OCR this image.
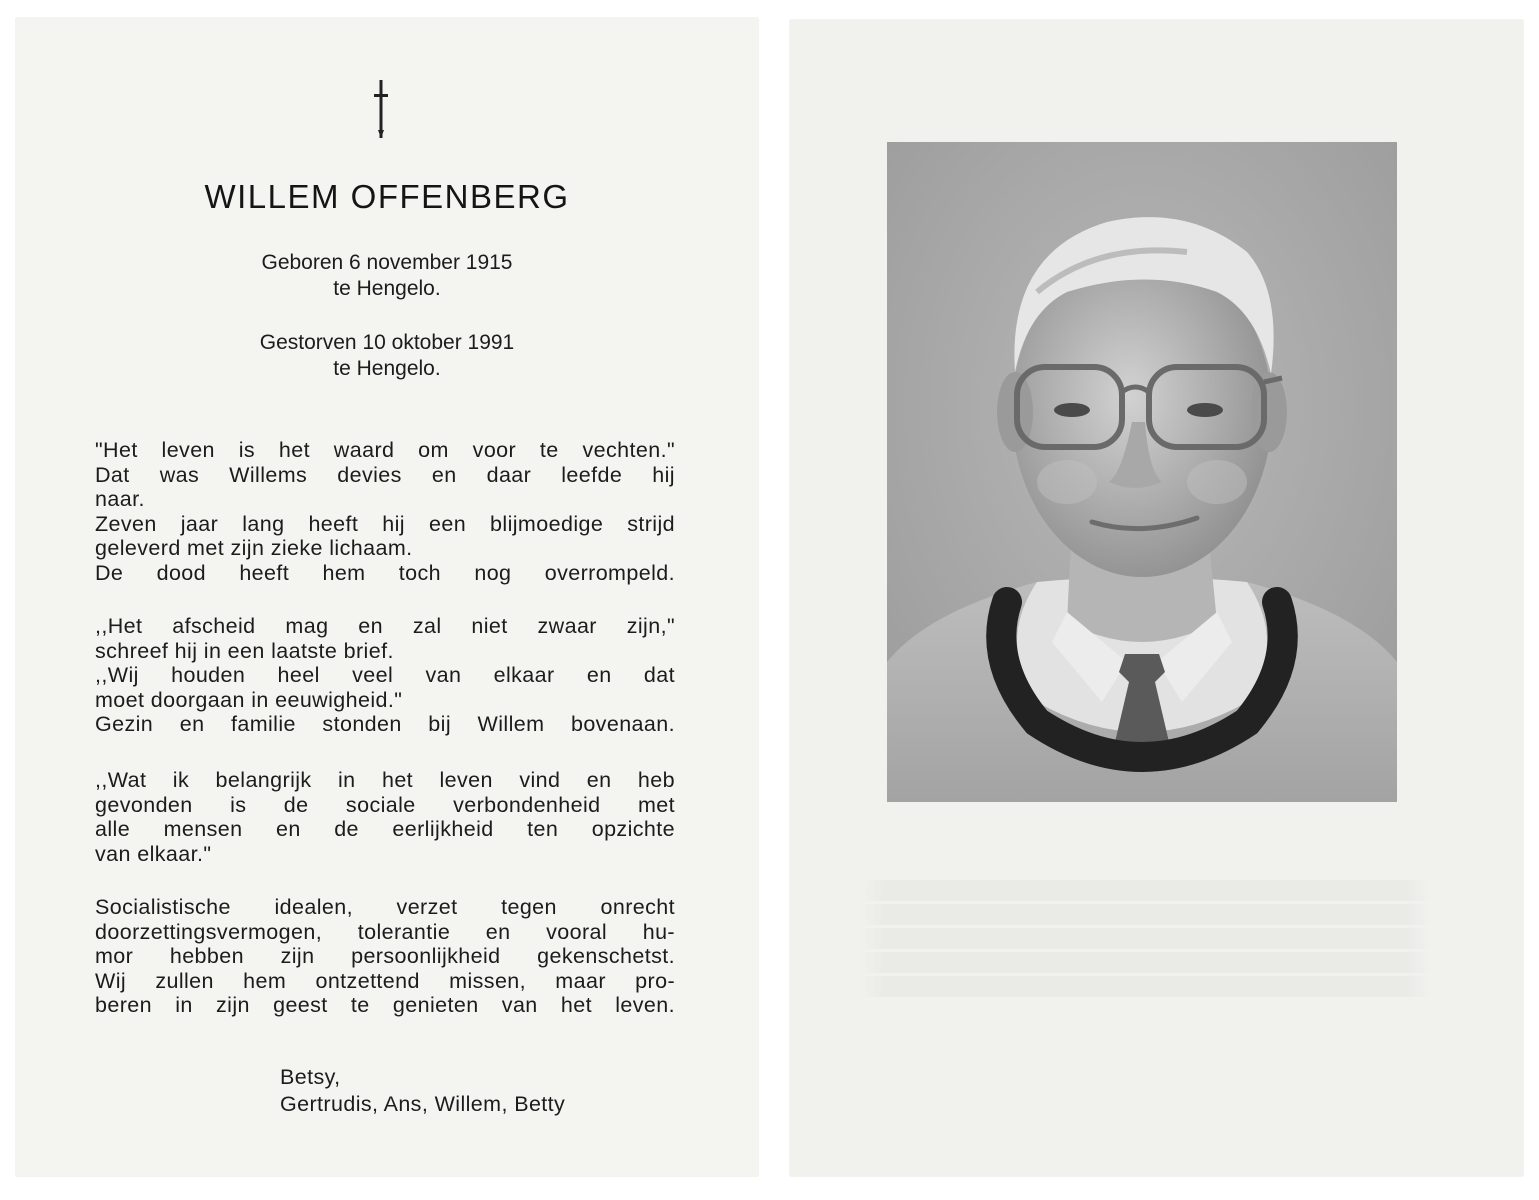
WILLEM OFFENBERG
Geboren 6 november 1915
te Hengelo.
Gestorven 10 oktober 1991
te Hengelo.
"Het leven is het waard om voor te vechten."
Dat was Willems devies en daar leefde hij
naar.
Zeven jaar lang heeft hij een blijmoedige strijd
geleverd met zijn zieke lichaam.
De dood heeft hem toch nog overrompeld.
,,Het afscheid mag en zal niet zwaar zijn,"
schreef hij in een laatste brief.
,,Wij houden heel veel van elkaar en dat
moet doorgaan in eeuwigheid."
Gezin en familie stonden bij Willem bovenaan.
,,Wat ik belangrijk in het leven vind en heb
gevonden is de sociale verbondenheid met
alle mensen en de eerlijkheid ten opzichte
van elkaar."
Socialistische idealen, verzet tegen onrecht
doorzettingsvermogen, tolerantie en vooral hu-
mor hebben zijn persoonlijkheid gekenschetst.
Wij zullen hem ontzettend missen, maar pro-
beren in zijn geest te genieten van het leven.
Betsy,
Gertrudis, Ans, Willem, Betty
